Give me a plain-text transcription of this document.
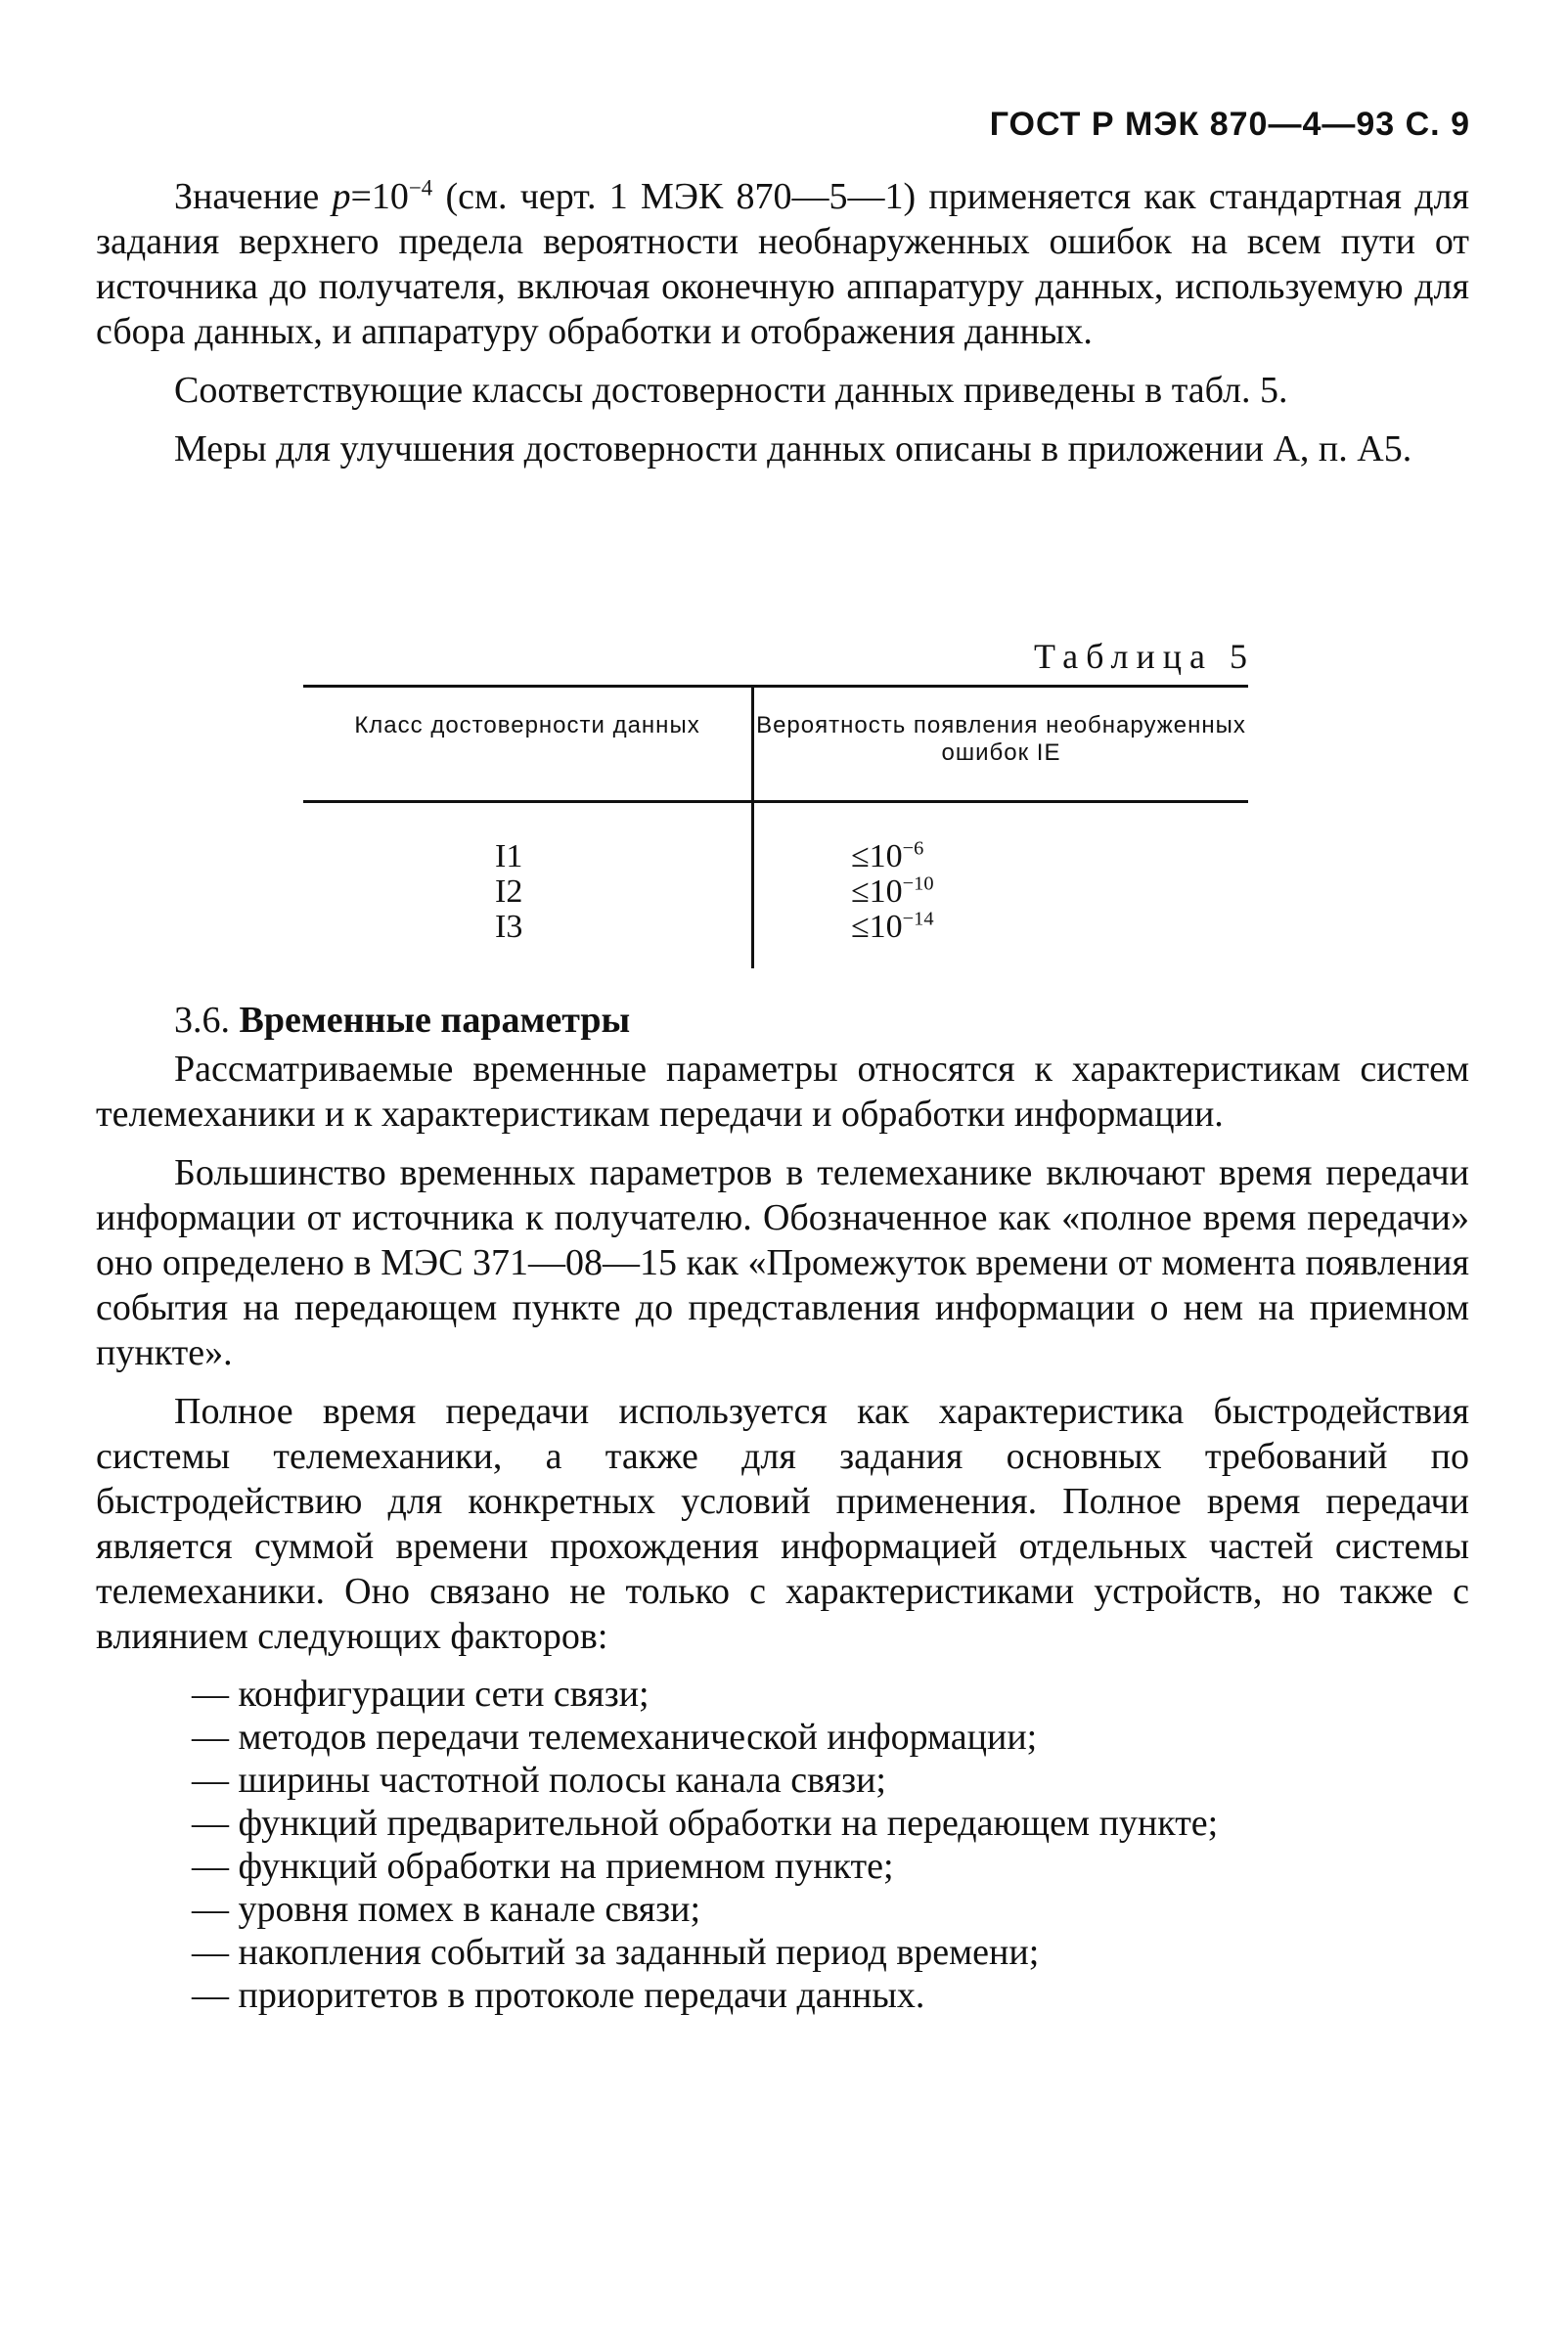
ГОСТ Р МЭК 870—4—93 С. 9

Значение $p=10^{-4}$ (см. черт. 1 МЭК 870—5—1) применяется как стандартная для задания верхнего предела вероятности необнаруженных ошибок на всем пути от источника до получателя, включая оконечную аппаратуру данных, используемую для сбора данных, и аппаратуру обработки и отображения данных.

Соответствующие классы достоверности данных приведены в табл. 5.

Меры для улучшения достоверности данных описаны в приложении А, п. А5.

Таблица 5
Класс достоверности данных	Вероятность появления необнаруженных ошибок IE
I1
I2
I3
$\le 10^{-6}$
$\le 10^{-10}$
$\le 10^{-14}$
3.6. Временные параметры

Рассматриваемые временные параметры относятся к характеристикам систем телемеханики и к характеристикам передачи и обработки информации.

Большинство временных параметров в телемеханике включают время передачи информации от источника к получателю. Обозначенное как «полное время передачи» оно определено в МЭС 371—08—15 как «Промежуток времени от момента появления события на передающем пункте до представления информации о нем на приемном пункте».

Полное время передачи используется как характеристика быстродействия системы телемеханики, а также для задания основных требований по быстродействию для конкретных условий применения. Полное время передачи является суммой времени прохождения информацией отдельных частей системы телемеханики. Оно связано не только с характеристиками устройств, но также с влиянием следующих факторов:

— конфигурации сети связи;
— методов передачи телемеханической информации;
— ширины частотной полосы канала связи;
— функций предварительной обработки на передающем пункте;
— функций обработки на приемном пункте;
— уровня помех в канале связи;
— накопления событий за заданный период времени;
— приоритетов в протоколе передачи данных.
